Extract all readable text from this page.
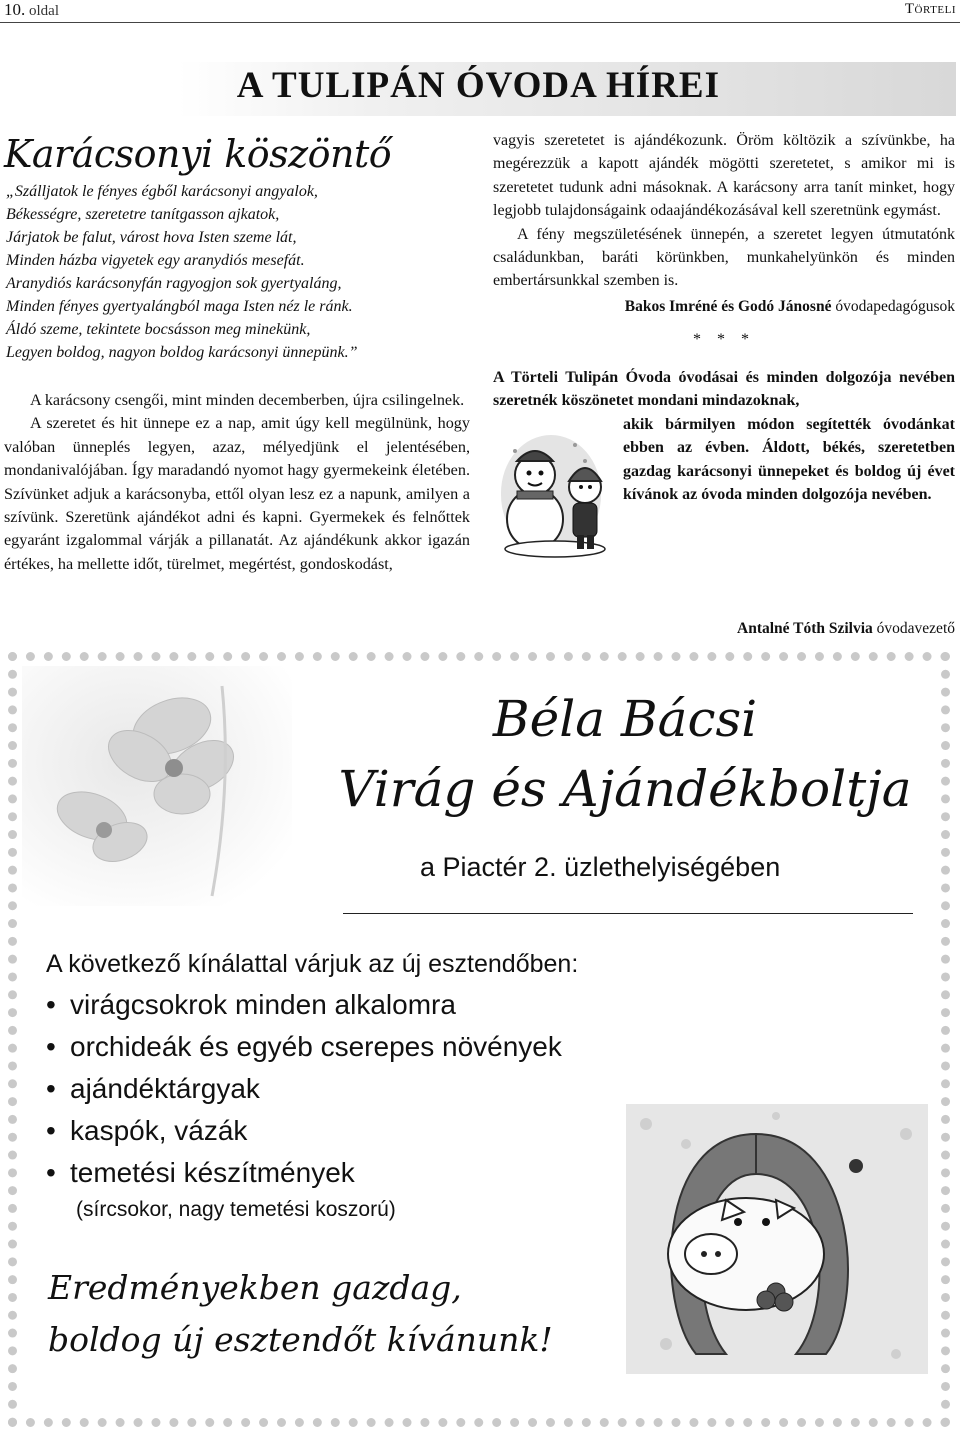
10. oldal	Törteli
A TULIPÁN ÓVODA HÍREI
Karácsonyi köszöntő
„Szálljatok le fényes égből karácsonyi angyalok,
Békességre, szeretetre tanítgasson ajkatok,
Járjatok be falut, várost hova Isten szeme lát,
Minden házba vigyetek egy aranydiós mesefát.
Aranydiós karácsonyfán ragyogjon sok gyertyaláng,
Minden fényes gyertyalángból maga Isten néz le ránk.
Áldó szeme, tekintete bocsásson meg minekünk,
Legyen boldog, nagyon boldog karácsonyi ünnepünk.”

A karácsony csengői, mint minden decemberben, újra csilingelnek.

A szeretet és hit ünnepe ez a nap, amit úgy kell megülnünk, hogy valóban ünneplés legyen, azaz, mélyedjünk el jelentésében, mondanivalójában. Így maradandó nyomot hagy gyermekeink életében. Szívünket adjuk a karácsonyba, ettől olyan lesz ez a napunk, amilyen a szívünk. Szeretünk ajándékot adni és kapni. Gyermekek és felnőttek egyaránt izgalommal várják a pillanatát. Az ajándékunk akkor igazán értékes, ha mellette időt, türelmet, megértést, gondoskodást,

vagyis szeretetet is ajándékozunk. Öröm költözik a szívünkbe, ha megérezzük a kapott ajándék mögötti szeretetet, s amikor mi is szeretetet tudunk adni másoknak. A karácsony arra tanít minket, hogy legjobb tulajdonságaink odaajándékozásával kell szeretnünk egymást.

A fény megszületésének ünnepén, a szeretet legyen útmutatónk családunkban, baráti körünkben, munkahelyünkön és minden embertársunkkal szemben is.

Bakos Imréné és Godó Jánosné óvodapedagógusok
* * *
A Törteli Tulipán Óvoda óvodásai és minden dolgozója nevében szeretnék köszönetet mondani mindazoknak,
akik bármilyen módon segítették óvodánkat ebben az évben. Áldott, békés, szeretetben gazdag karácsonyi ünnepeket és boldog új évet kívánok az óvoda minden dolgozója nevében.
Antalné Tóth Szilvia óvodavezető
Béla Bácsi
Virág és Ajándékboltja
a Piactér 2. üzlethelyiségében
A következő kínálattal várjuk az új esztendőben:
• virágcsokrok minden alkalomra
• orchideák és egyéb cserepes növények
• ajándéktárgyak
• kaspók, vázák
• temetési készítmények
(sírcsokor, nagy temetési koszorú)
Eredményekben gazdag,
boldog új esztendőt kívánunk!
